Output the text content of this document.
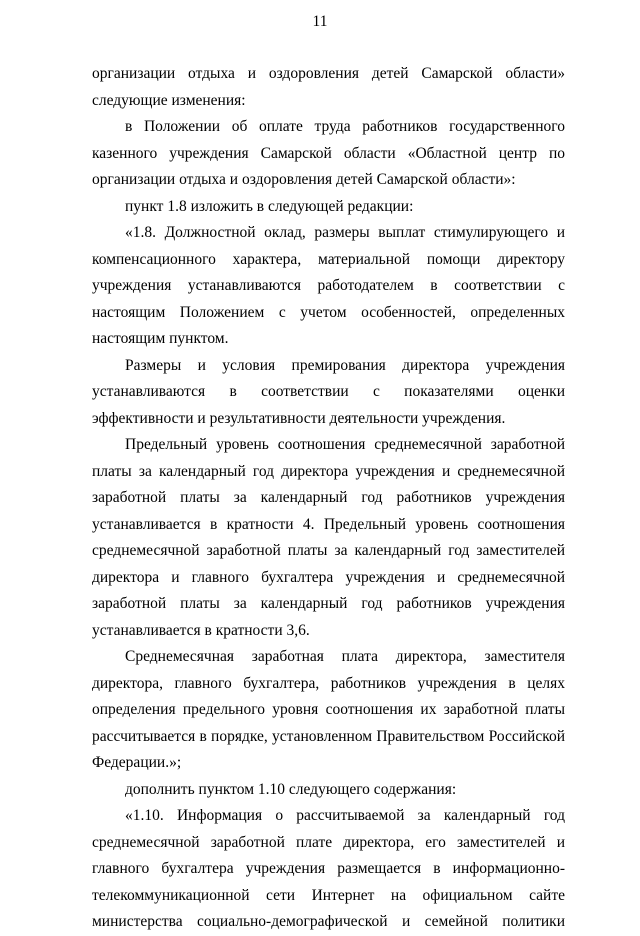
11

организации отдыха и оздоровления детей Самарской области» следующие изменения:

в Положении об оплате труда работников государственного казенного учреждения Самарской области «Областной центр по организации отдыха и оздоровления детей Самарской области»:

пункт 1.8 изложить в следующей редакции:

«1.8. Должностной оклад, размеры выплат стимулирующего и компенсационного характера, материальной помощи директору учреждения устанавливаются работодателем в соответствии с настоящим Положением с учетом особенностей, определенных настоящим пунктом.

Размеры и условия премирования директора учреждения устанавливаются в соответствии с показателями оценки эффективности и результативности деятельности учреждения.

Предельный уровень соотношения среднемесячной заработной платы за календарный год директора учреждения и среднемесячной заработной платы за календарный год работников учреждения устанавливается в кратности 4. Предельный уровень соотношения среднемесячной заработной платы за календарный год заместителей директора и главного бухгалтера учреждения и среднемесячной заработной платы за календарный год работников учреждения устанавливается в кратности 3,6.

Среднемесячная заработная плата директора, заместителя директора, главного бухгалтера, работников учреждения в целях определения предельного уровня соотношения их заработной платы рассчитывается в порядке, установленном Правительством Российской Федерации.»;

дополнить пунктом 1.10 следующего содержания:

«1.10. Информация о рассчитываемой за календарный год среднемесячной заработной плате директора, его заместителей и главного бухгалтера учреждения размещается в информационно-телекоммуникационной сети Интернет на официальном сайте министерства социально-демографической и семейной политики
